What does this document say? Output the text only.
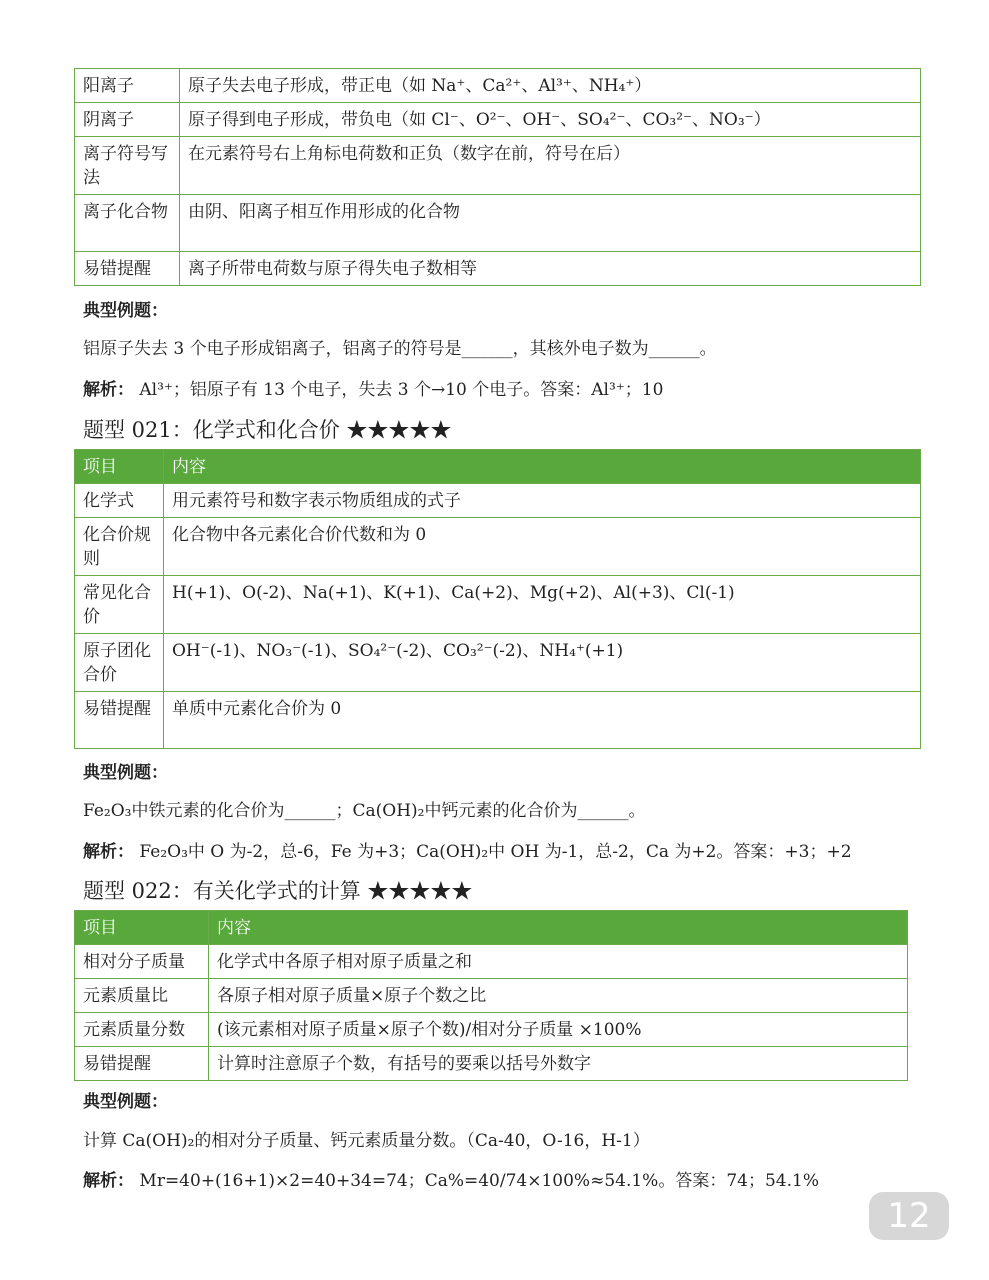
阳离子	原子失去电子形成，带正电（如 Na⁺、Ca²⁺、Al³⁺、NH₄⁺）
阴离子	原子得到电子形成，带负电（如 Cl⁻、O²⁻、OH⁻、SO₄²⁻、CO₃²⁻、NO₃⁻）
离子符号写法	在元素符号右上角标电荷数和正负（数字在前，符号在后）
离子化合物	由阴、阳离子相互作用形成的化合物
易错提醒	离子所带电荷数与原子得失电子数相等
典型例题：
铝原子失去 3 个电子形成铝离子，铝离子的符号是______，其核外电子数为______。
解析： Al³⁺；铝原子有 13 个电子，失去 3 个→10 个电子。答案：Al³⁺；10
题型 021：化学式和化合价 ★★★★★
项目	内容
化学式	用元素符号和数字表示物质组成的式子
化合价规则	化合物中各元素化合价代数和为 0
常见化合价	H(+1)、O(-2)、Na(+1)、K(+1)、Ca(+2)、Mg(+2)、Al(+3)、Cl(-1)
原子团化合价	OH⁻(-1)、NO₃⁻(-1)、SO₄²⁻(-2)、CO₃²⁻(-2)、NH₄⁺(+1)
易错提醒	单质中元素化合价为 0
典型例题：
Fe₂O₃中铁元素的化合价为______；Ca(OH)₂中钙元素的化合价为______。
解析： Fe₂O₃中 O 为-2，总-6，Fe 为+3；Ca(OH)₂中 OH 为-1，总-2，Ca 为+2。答案：+3；+2
题型 022：有关化学式的计算 ★★★★★
项目	内容
相对分子质量	化学式中各原子相对原子质量之和
元素质量比	各原子相对原子质量×原子个数之比
元素质量分数	(该元素相对原子质量×原子个数)/相对分子质量 ×100%
易错提醒	计算时注意原子个数，有括号的要乘以括号外数字
典型例题：
计算 Ca(OH)₂的相对分子质量、钙元素质量分数。（Ca-40，O-16，H-1）
解析： Mr=40+(16+1)×2=40+34=74；Ca%=40/74×100%≈54.1%。答案：74；54.1%
12
